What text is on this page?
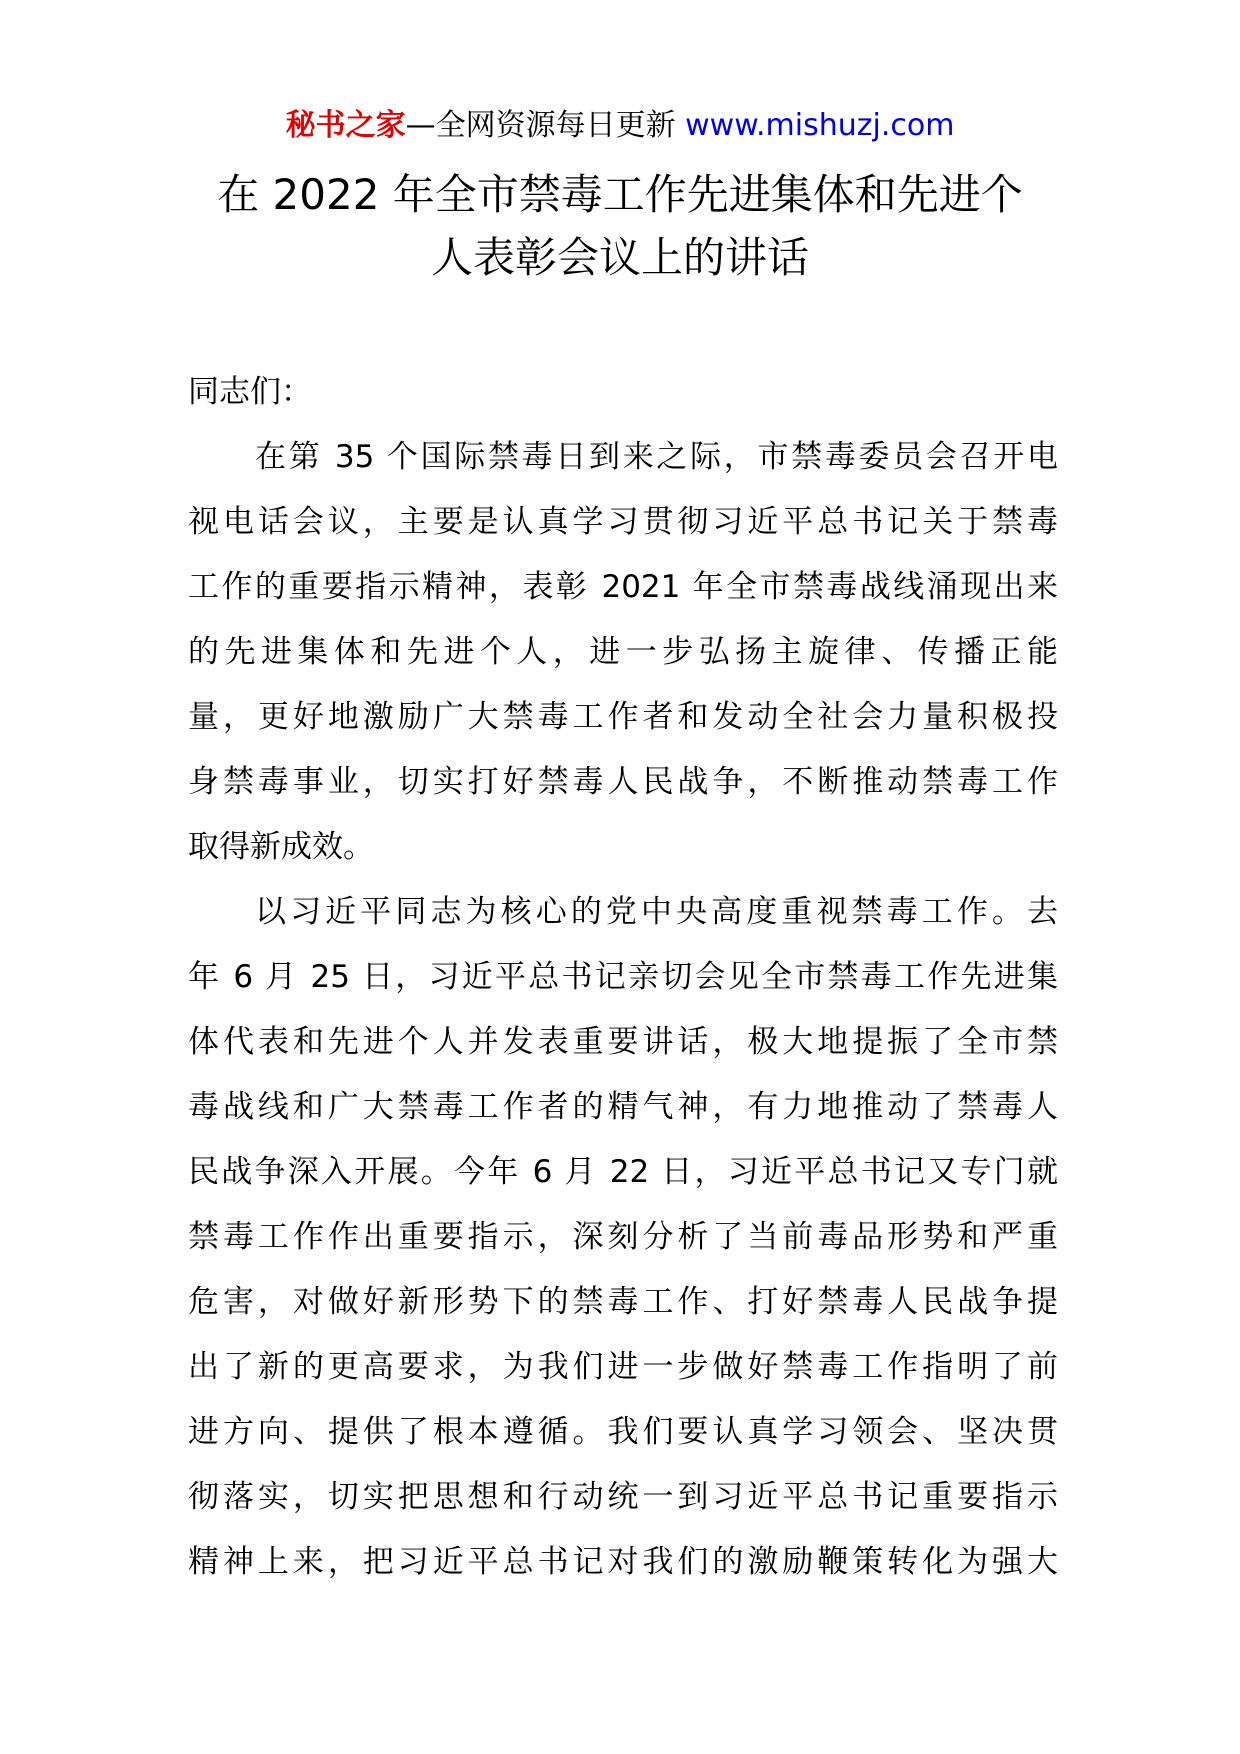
秘书之家—全网资源每日更新 www.mishuzj.com
在 2022 年全市禁毒工作先进集体和先进个
人表彰会议上的讲话
同志们：
在第 35 个国际禁毒日到来之际，市禁毒委员会召开电
视电话会议，主要是认真学习贯彻习近平总书记关于禁毒
工作的重要指示精神，表彰 2021 年全市禁毒战线涌现出来
的先进集体和先进个人，进一步弘扬主旋律、传播正能
量，更好地激励广大禁毒工作者和发动全社会力量积极投
身禁毒事业，切实打好禁毒人民战争，不断推动禁毒工作
取得新成效。
以习近平同志为核心的党中央高度重视禁毒工作。去
年 6 月 25 日，习近平总书记亲切会见全市禁毒工作先进集
体代表和先进个人并发表重要讲话，极大地提振了全市禁
毒战线和广大禁毒工作者的精气神，有力地推动了禁毒人
民战争深入开展。今年 6 月 22 日，习近平总书记又专门就
禁毒工作作出重要指示，深刻分析了当前毒品形势和严重
危害，对做好新形势下的禁毒工作、打好禁毒人民战争提
出了新的更高要求，为我们进一步做好禁毒工作指明了前
进方向、提供了根本遵循。我们要认真学习领会、坚决贯
彻落实，切实把思想和行动统一到习近平总书记重要指示
精神上来，把习近平总书记对我们的激励鞭策转化为强大
